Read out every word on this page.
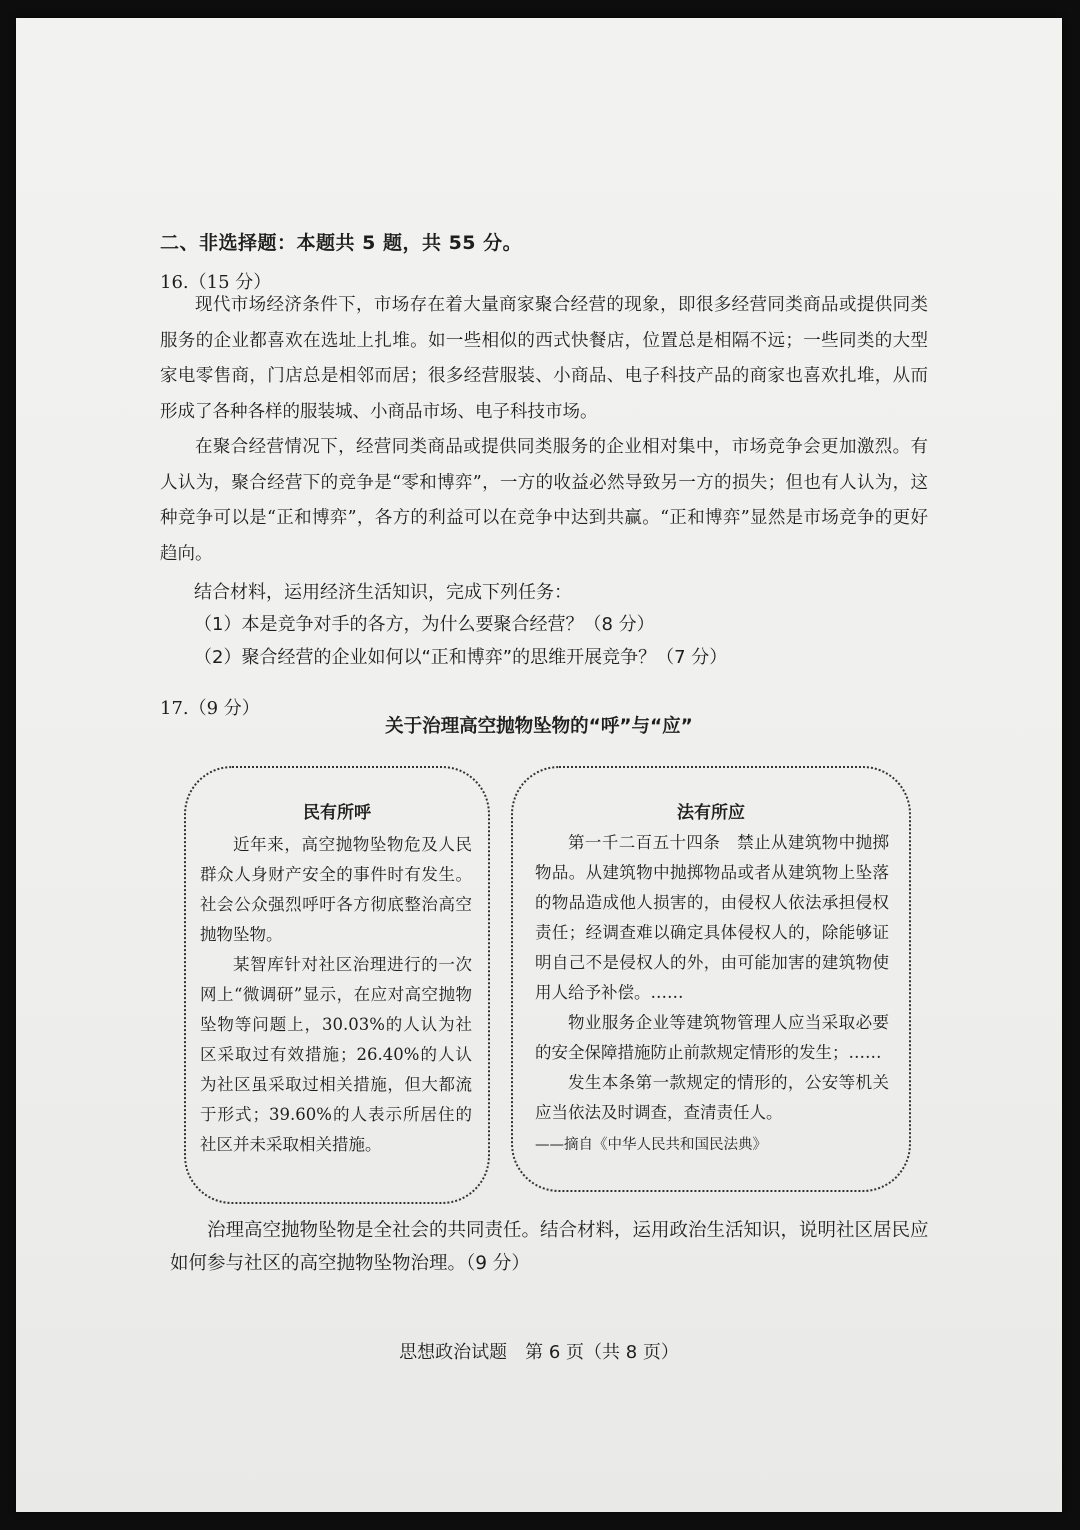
二、非选择题：本题共 5 题，共 55 分。
16.（15 分）
现代市场经济条件下，市场存在着大量商家聚合经营的现象，即很多经营同类商品或提供同类服务的企业都喜欢在选址上扎堆。如一些相似的西式快餐店，位置总是相隔不远；一些同类的大型家电零售商，门店总是相邻而居；很多经营服装、小商品、电子科技产品的商家也喜欢扎堆，从而形成了各种各样的服装城、小商品市场、电子科技市场。
在聚合经营情况下，经营同类商品或提供同类服务的企业相对集中，市场竞争会更加激烈。有人认为，聚合经营下的竞争是“零和博弈”，一方的收益必然导致另一方的损失；但也有人认为，这种竞争可以是“正和博弈”，各方的利益可以在竞争中达到共赢。“正和博弈”显然是市场竞争的更好趋向。
结合材料，运用经济生活知识，完成下列任务：
（1）本是竞争对手的各方，为什么要聚合经营？（8 分）
（2）聚合经营的企业如何以“正和博弈”的思维开展竞争？（7 分）
17.（9 分）
关于治理高空抛物坠物的“呼”与“应”
民有所呼

近年来，高空抛物坠物危及人民群众人身财产安全的事件时有发生。社会公众强烈呼吁各方彻底整治高空抛物坠物。

某智库针对社区治理进行的一次网上“微调研”显示，在应对高空抛物坠物等问题上，30.03%的人认为社区采取过有效措施；26.40%的人认为社区虽采取过相关措施，但大都流于形式；39.60%的人表示所居住的社区并未采取相关措施。

法有所应

第一千二百五十四条　禁止从建筑物中抛掷物品。从建筑物中抛掷物品或者从建筑物上坠落的物品造成他人损害的，由侵权人依法承担侵权责任；经调查难以确定具体侵权人的，除能够证明自己不是侵权人的外，由可能加害的建筑物使用人给予补偿。……

物业服务企业等建筑物管理人应当采取必要的安全保障措施防止前款规定情形的发生；……

发生本条第一款规定的情形的，公安等机关应当依法及时调查，查清责任人。

——摘自《中华人民共和国民法典》
治理高空抛物坠物是全社会的共同责任。结合材料，运用政治生活知识，说明社区居民应如何参与社区的高空抛物坠物治理。（9 分）
思想政治试题　第 6 页（共 8 页）
